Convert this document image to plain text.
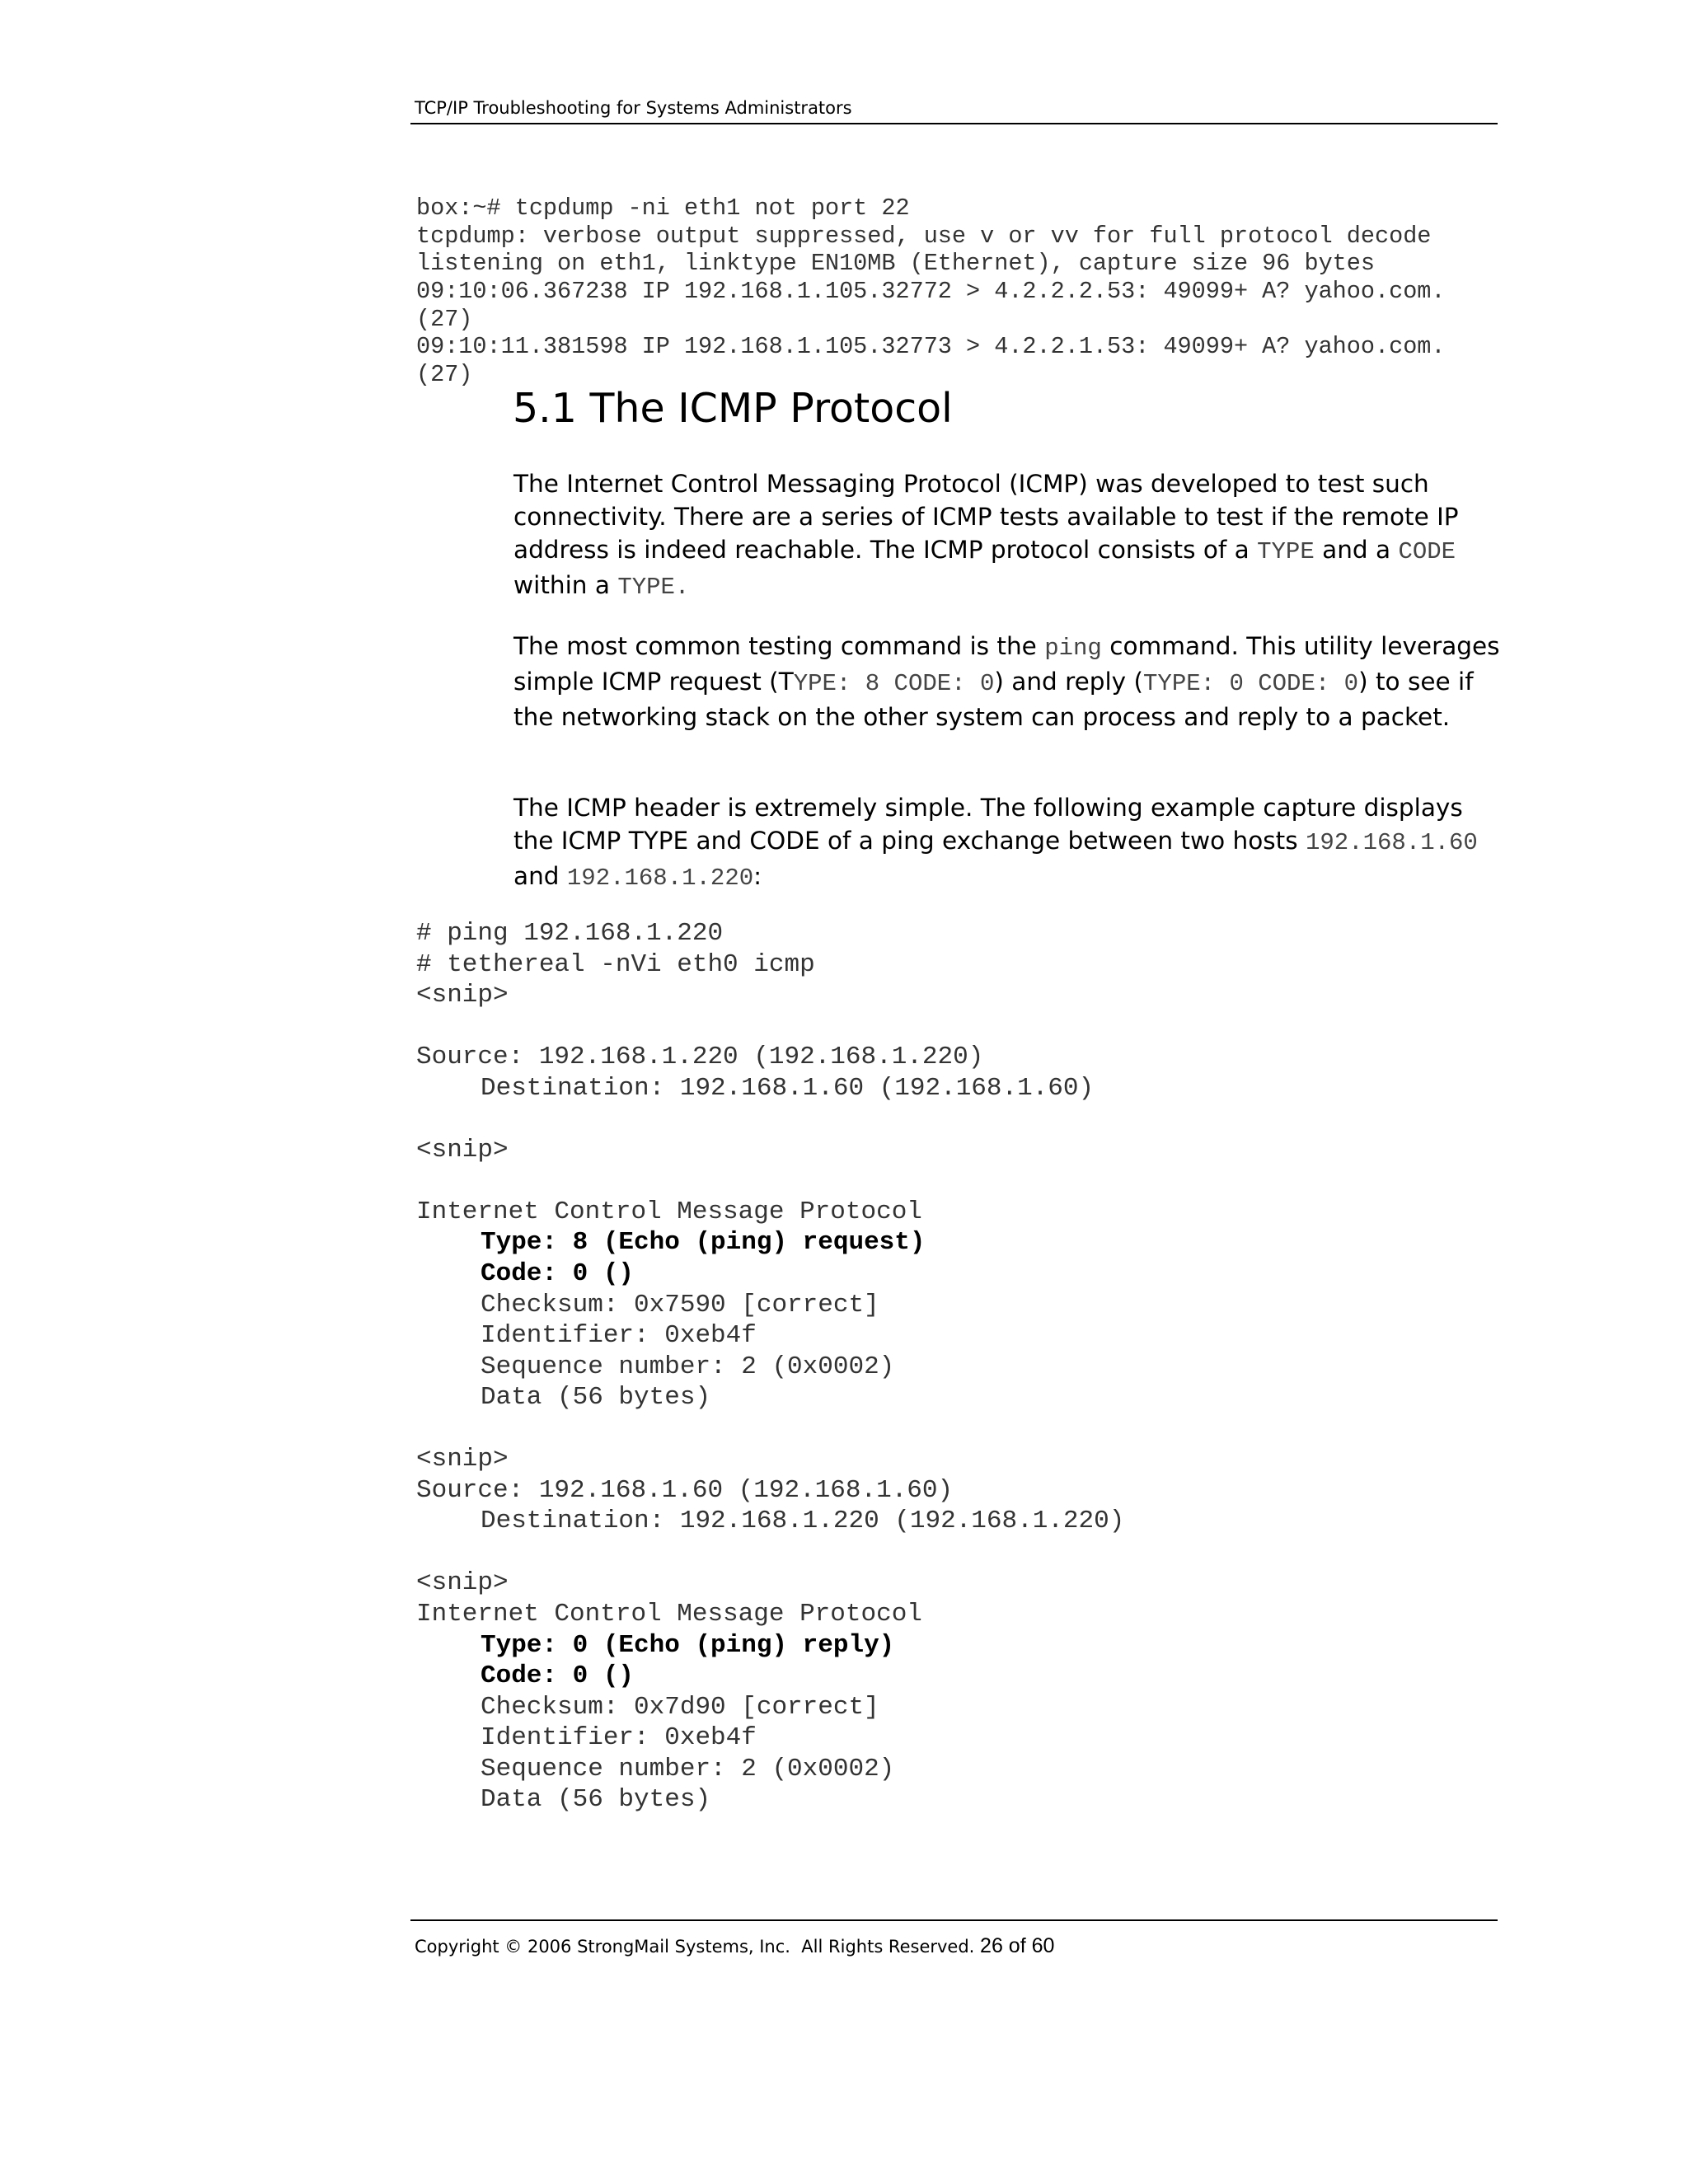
TCP/IP Troubleshooting for Systems Administrators
box:~# tcpdump -ni eth1 not port 22
tcpdump: verbose output suppressed, use v or vv for full protocol decode
listening on eth1, linktype EN10MB (Ethernet), capture size 96 bytes
09:10:06.367238 IP 192.168.1.105.32772 > 4.2.2.2.53: 49099+ A? yahoo.com.
(27)
09:10:11.381598 IP 192.168.1.105.32773 > 4.2.2.1.53: 49099+ A? yahoo.com.
(27)
5.1 The ICMP Protocol

The Internet Control Messaging Protocol (ICMP) was developed to test such connectivity. There are a series of ICMP tests available to test if the remote IP address is indeed reachable. The ICMP protocol consists of a TYPE and a CODE within a TYPE.

The most common testing command is the ping command. This utility leverages simple ICMP request (TYPE: 8 CODE: 0) and reply (TYPE: 0 CODE: 0) to see if the networking stack on the other system can process and reply to a packet.

The ICMP header is extremely simple. The following example capture displays the ICMP TYPE and CODE of a ping exchange between two hosts 192.168.1.60 and 192.168.1.220:

# ping 192.168.1.220
# tethereal -nVi eth0 icmp
<snip>
Source: 192.168.1.220 (192.168.1.220)
Destination: 192.168.1.60 (192.168.1.60)
<snip>
Internet Control Message Protocol
Type: 8 (Echo (ping) request)
Code: 0 ()
Checksum: 0x7590 [correct]
Identifier: 0xeb4f
Sequence number: 2 (0x0002)
Data (56 bytes)
<snip>
Source: 192.168.1.60 (192.168.1.60)
Destination: 192.168.1.220 (192.168.1.220)
<snip>
Internet Control Message Protocol
Type: 0 (Echo (ping) reply)
Code: 0 ()
Checksum: 0x7d90 [correct]
Identifier: 0xeb4f
Sequence number: 2 (0x0002)
Data (56 bytes)
Copyright © 2006 StrongMail Systems, Inc.  All Rights Reserved. 26 of 60
